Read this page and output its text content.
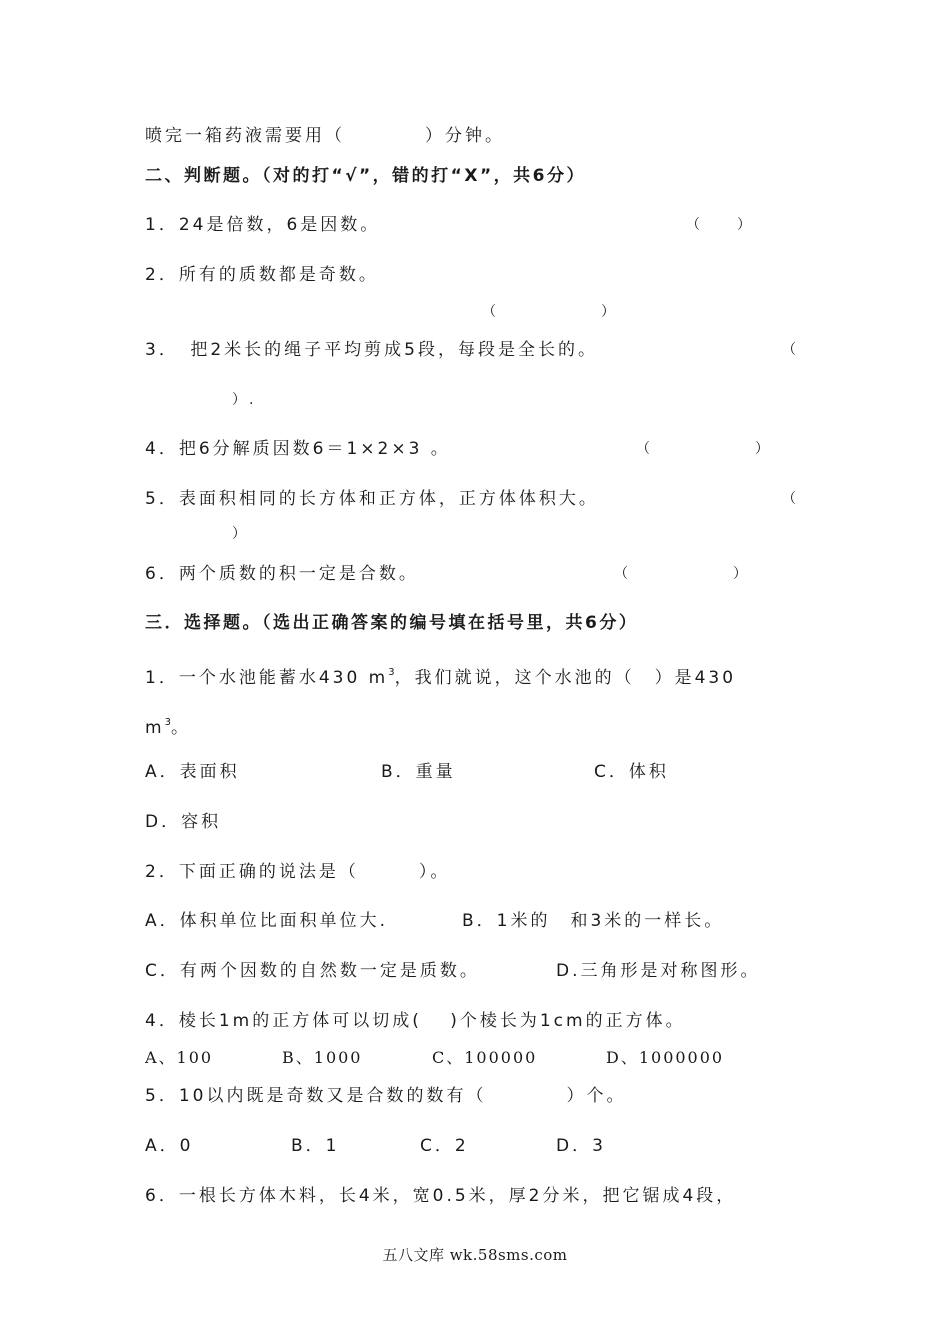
喷完一箱药液需要用（　　　　）分钟。
二、判断题。（对的打“√”，错的打“X”，共6分）
1．24是倍数，6是因数。	（　　）
2．所有的质数都是奇数。
（　　　　　　）
3．　把2米长的绳子平均剪成5段，每段是全长的。	（
）.
4．把6分解质因数6＝1×2×3 。	（　　　　　　）
5．表面积相同的长方体和正方体，正方体体积大。	（
）
6．两个质数的积一定是合数。	（　　　　　　）
三．选择题。（选出正确答案的编号填在括号里，共6分）
1．一个水池能蓄水430 $m^3$，我们就说，这个水池的（　）是430
$m^3$。
A．表面积	B．重量	C．体积
D．容积
2．下面正确的说法是（　　　）。
A．体积单位比面积单位大.	B．1米的　和3米的一样长。
C．有两个因数的自然数一定是质数。	D.三角形是对称图形。
4．棱长1m的正方体可以切成(　 )个棱长为1cm的正方体。
A、100	B、1000	C、100000	D、1000000
5．10以内既是奇数又是合数的数有（　　　　）个。
A．0	B．1	C．2	D．3
6．一根长方体木料，长4米，宽0.5米，厚2分米，把它锯成4段，
五八文库 wk.58sms.com
